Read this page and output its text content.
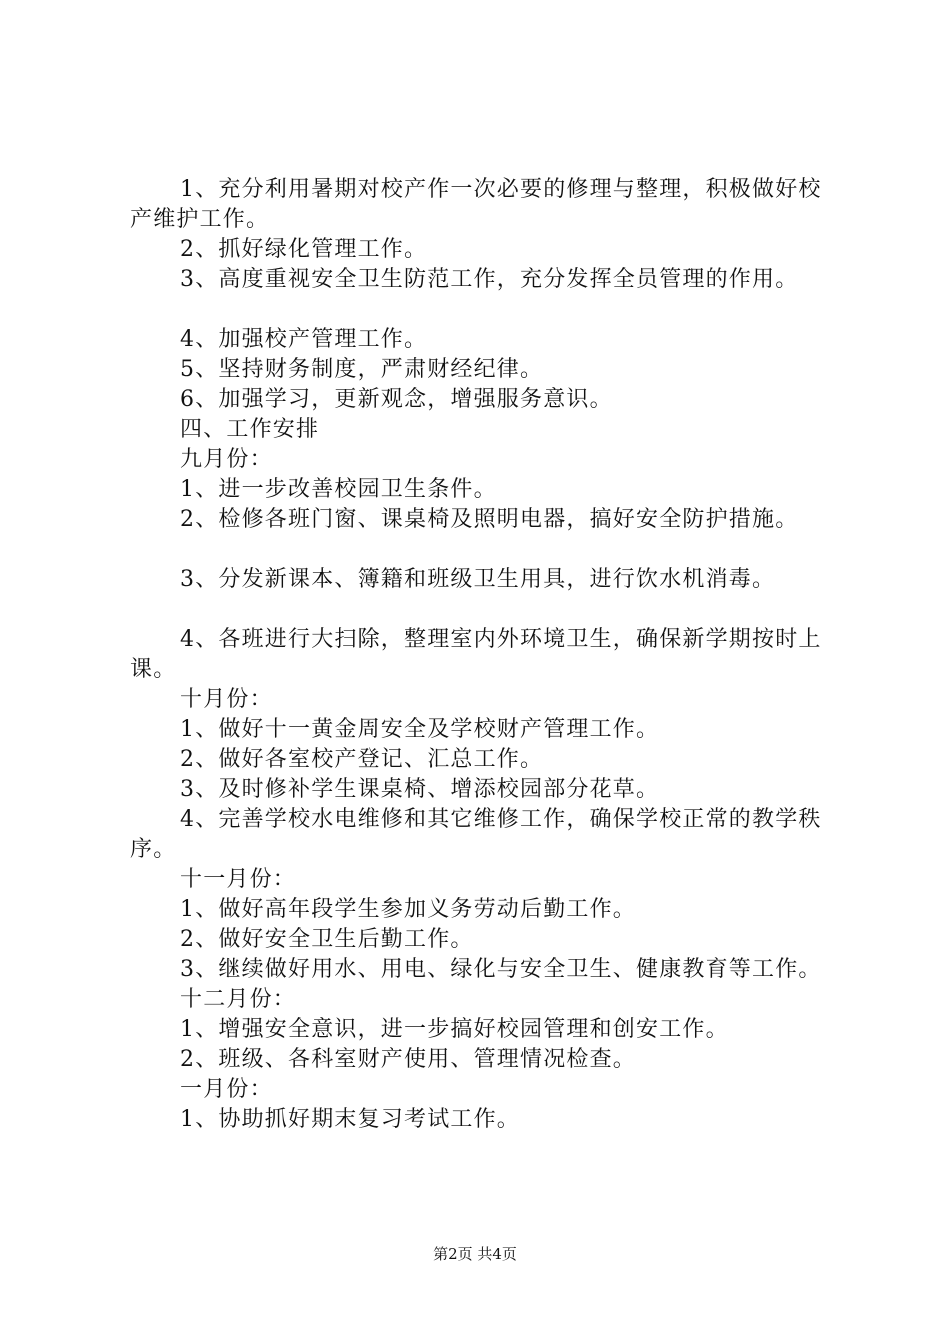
1、充分利用暑期对校产作一次必要的修理与整理，积极做好校产维护工作。

2、抓好绿化管理工作。

3、高度重视安全卫生防范工作，充分发挥全员管理的作用。

4、加强校产管理工作。

5、坚持财务制度，严肃财经纪律。

6、加强学习，更新观念，增强服务意识。

四、工作安排

九月份：

1、进一步改善校园卫生条件。

2、检修各班门窗、课桌椅及照明电器，搞好安全防护措施。

3、分发新课本、簿籍和班级卫生用具，进行饮水机消毒。

4、各班进行大扫除，整理室内外环境卫生，确保新学期按时上课。

十月份：

1、做好十一黄金周安全及学校财产管理工作。

2、做好各室校产登记、汇总工作。

3、及时修补学生课桌椅、增添校园部分花草。

4、完善学校水电维修和其它维修工作，确保学校正常的教学秩序。

十一月份：

1、做好高年段学生参加义务劳动后勤工作。

2、做好安全卫生后勤工作。

3、继续做好用水、用电、绿化与安全卫生、健康教育等工作。

十二月份：

1、增强安全意识，进一步搞好校园管理和创安工作。

2、班级、各科室财产使用、管理情况检查。

一月份：

1、协助抓好期末复习考试工作。

第2页 共4页
